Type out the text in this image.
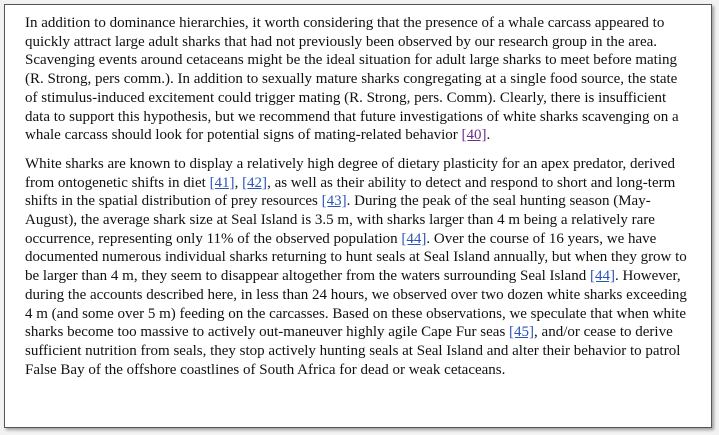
In addition to dominance hierarchies, it worth considering that the presence of a whale carcass appeared to quickly attract large adult sharks that had not previously been observed by our research group in the area. Scavenging events around cetaceans might be the ideal situation for adult large sharks to meet before mating (R. Strong, pers comm.). In addition to sexually mature sharks congregating at a single food source, the state of stimulus-induced excitement could trigger mating (R. Strong, pers. Comm). Clearly, there is insufficient data to support this hypothesis, but we recommend that future investigations of white sharks scavenging on a whale carcass should look for potential signs of mating-related behavior [40].

White sharks are known to display a relatively high degree of dietary plasticity for an apex predator, derived from ontogenetic shifts in diet [41], [42], as well as their ability to detect and respond to short and long-term shifts in the spatial distribution of prey resources [43]. During the peak of the seal hunting season (May-August), the average shark size at Seal Island is 3.5 m, with sharks larger than 4 m being a relatively rare occurrence, representing only 11% of the observed population [44]. Over the course of 16 years, we have documented numerous individual sharks returning to hunt seals at Seal Island annually, but when they grow to be larger than 4 m, they seem to disappear altogether from the waters surrounding Seal Island [44]. However, during the accounts described here, in less than 24 hours, we observed over two dozen white sharks exceeding 4 m (and some over 5 m) feeding on the carcasses. Based on these observations, we speculate that when white sharks become too massive to actively out-maneuver highly agile Cape Fur seas [45], and/or cease to derive sufficient nutrition from seals, they stop actively hunting seals at Seal Island and alter their behavior to patrol False Bay of the offshore coastlines of South Africa for dead or weak cetaceans.
